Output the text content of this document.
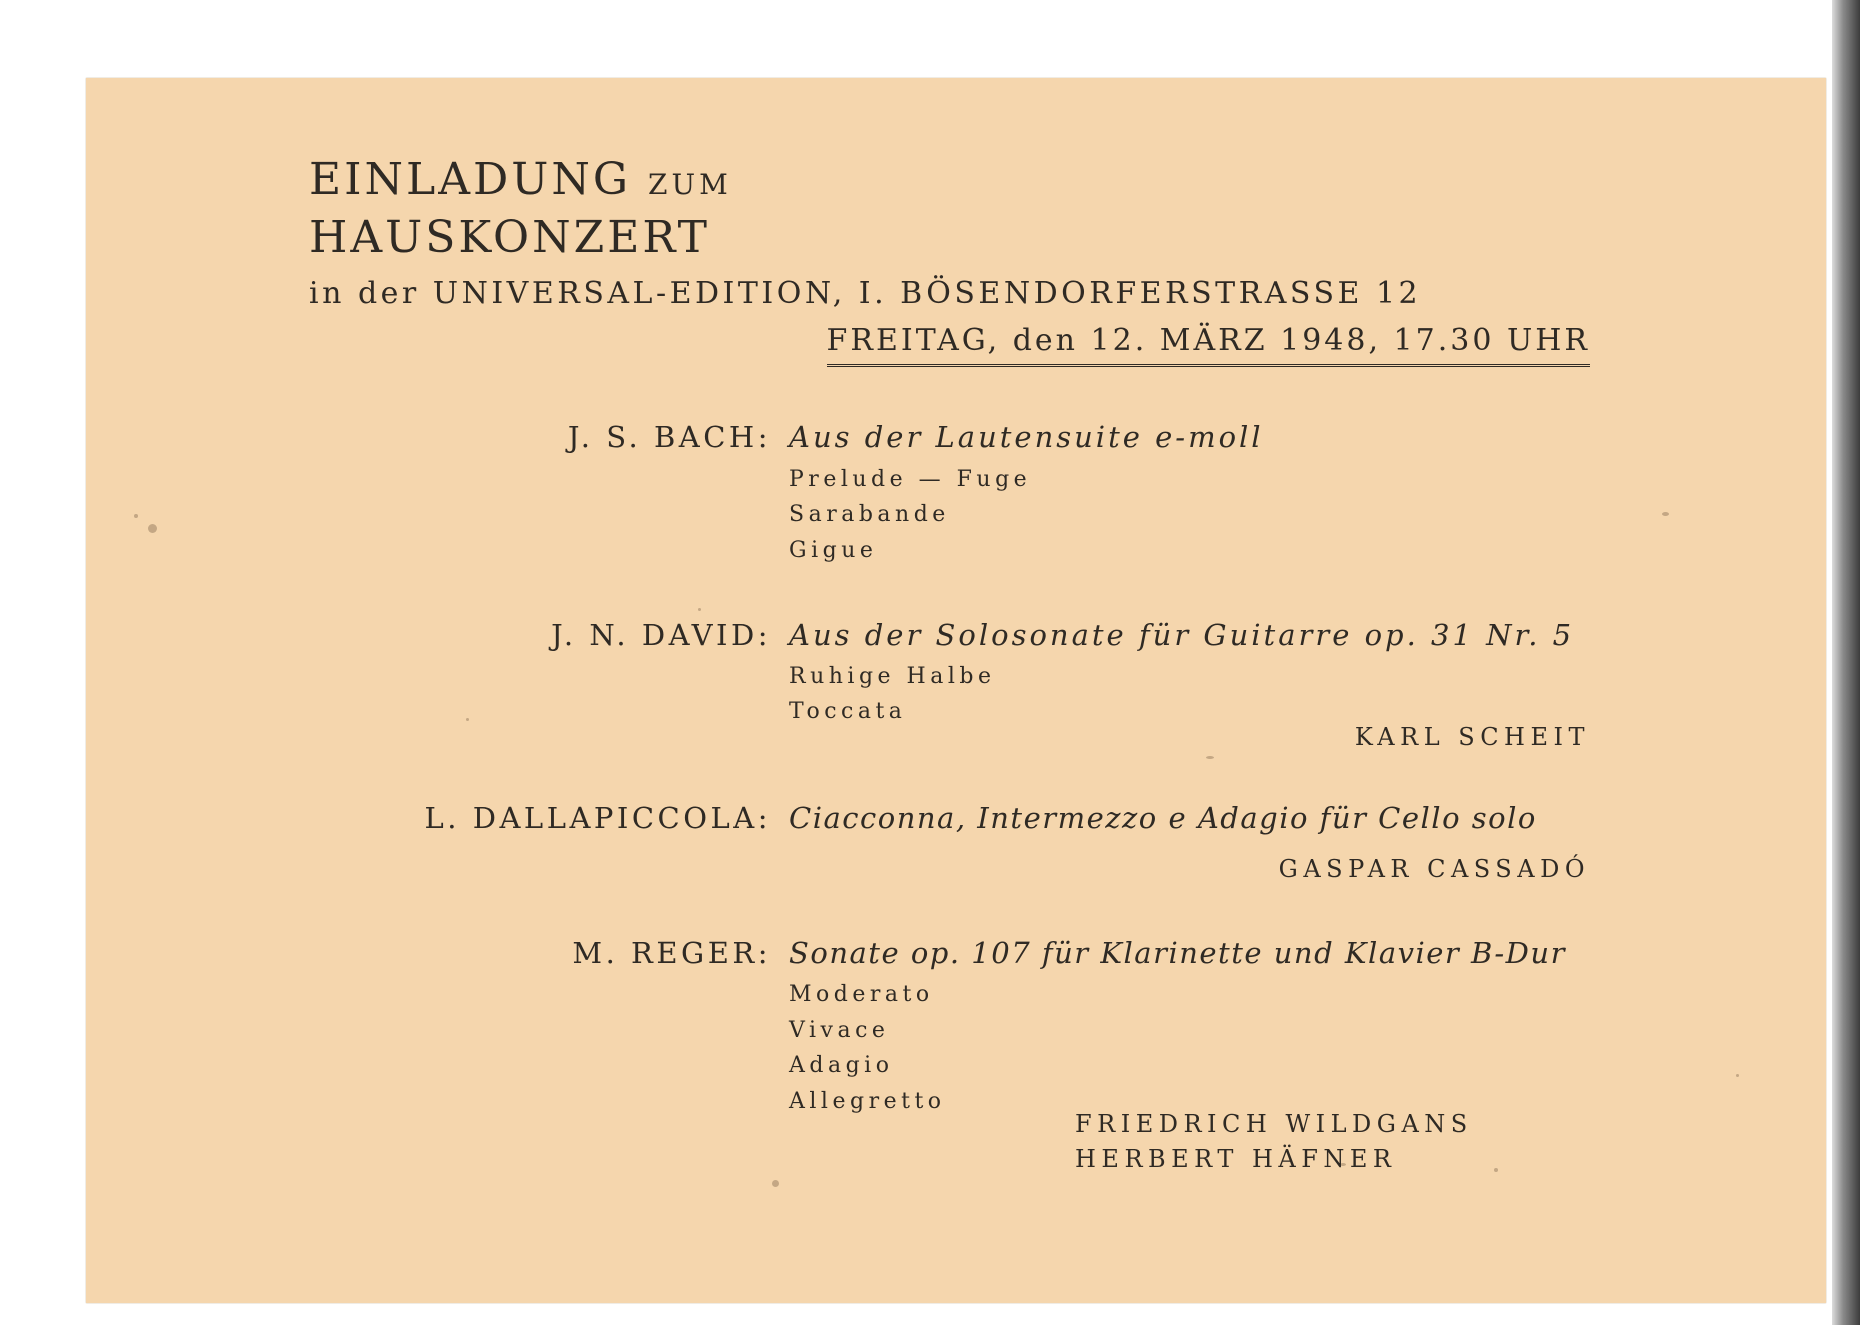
EINLADUNG ZUM
HAUSKONZERT
in der UNIVERSAL-EDITION, I. BÖSENDORFERSTRASSE 12
FREITAG, den 12. MÄRZ 1948, 17.30 UHR
J. S. BACH: Aus der Lautensuite e-moll
Prelude — Fuge
Sarabande
Gigue
J. N. DAVID: Aus der Solosonate für Guitarre op. 31 Nr. 5
Ruhige Halbe
Toccata
KARL SCHEIT
L. DALLAPICCOLA: Ciacconna, Intermezzo e Adagio für Cello solo
GASPAR CASSADÓ
M. REGER: Sonate op. 107 für Klarinette und Klavier B-Dur
Moderato
Vivace
Adagio
Allegretto
FRIEDRICH WILDGANS
HERBERT HÄFNER
